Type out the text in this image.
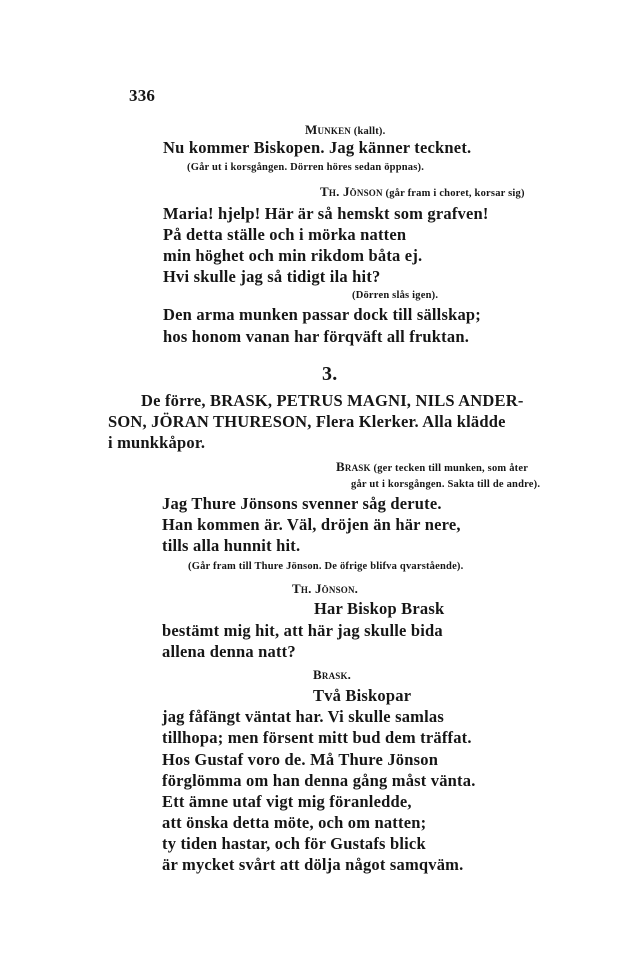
336
Munken (kallt).
Nu kommer Biskopen. Jag känner tecknet.
(Går ut i korsgången. Dörren höres sedan öppnas).
Th. Jönson (går fram i choret, korsar sig)
Maria! hjelp! Här är så hemskt som grafven!
På detta ställe och i mörka natten
min höghet och min rikdom båta ej.
Hvi skulle jag så tidigt ila hit?
(Dörren slås igen).
Den arma munken passar dock till sällskap;
hos honom vanan har förqväft all fruktan.
3.
De förre, BRASK, PETRUS MAGNI, NILS ANDER-
SON, JÖRAN THURESON, Flera Klerker. Alla klädde
i munkkåpor.
Brask (ger tecken till munken, som åter
går ut i korsgången. Sakta till de andre).
Jag Thure Jönsons svenner såg derute.
Han kommen är. Väl, dröjen än här nere,
tills alla hunnit hit.
(Går fram till Thure Jönson. De öfrige blifva qvarstående).
Th. Jönson.
Har Biskop Brask
bestämt mig hit, att här jag skulle bida
allena denna natt?
Brask.
Två Biskopar
jag fåfängt väntat har. Vi skulle samlas
tillhopa; men försent mitt bud dem träffat.
Hos Gustaf voro de. Må Thure Jönson
förglömma om han denna gång måst vänta.
Ett ämne utaf vigt mig föranledde,
att önska detta möte, och om natten;
ty tiden hastar, och för Gustafs blick
är mycket svårt att dölja något samqväm.
